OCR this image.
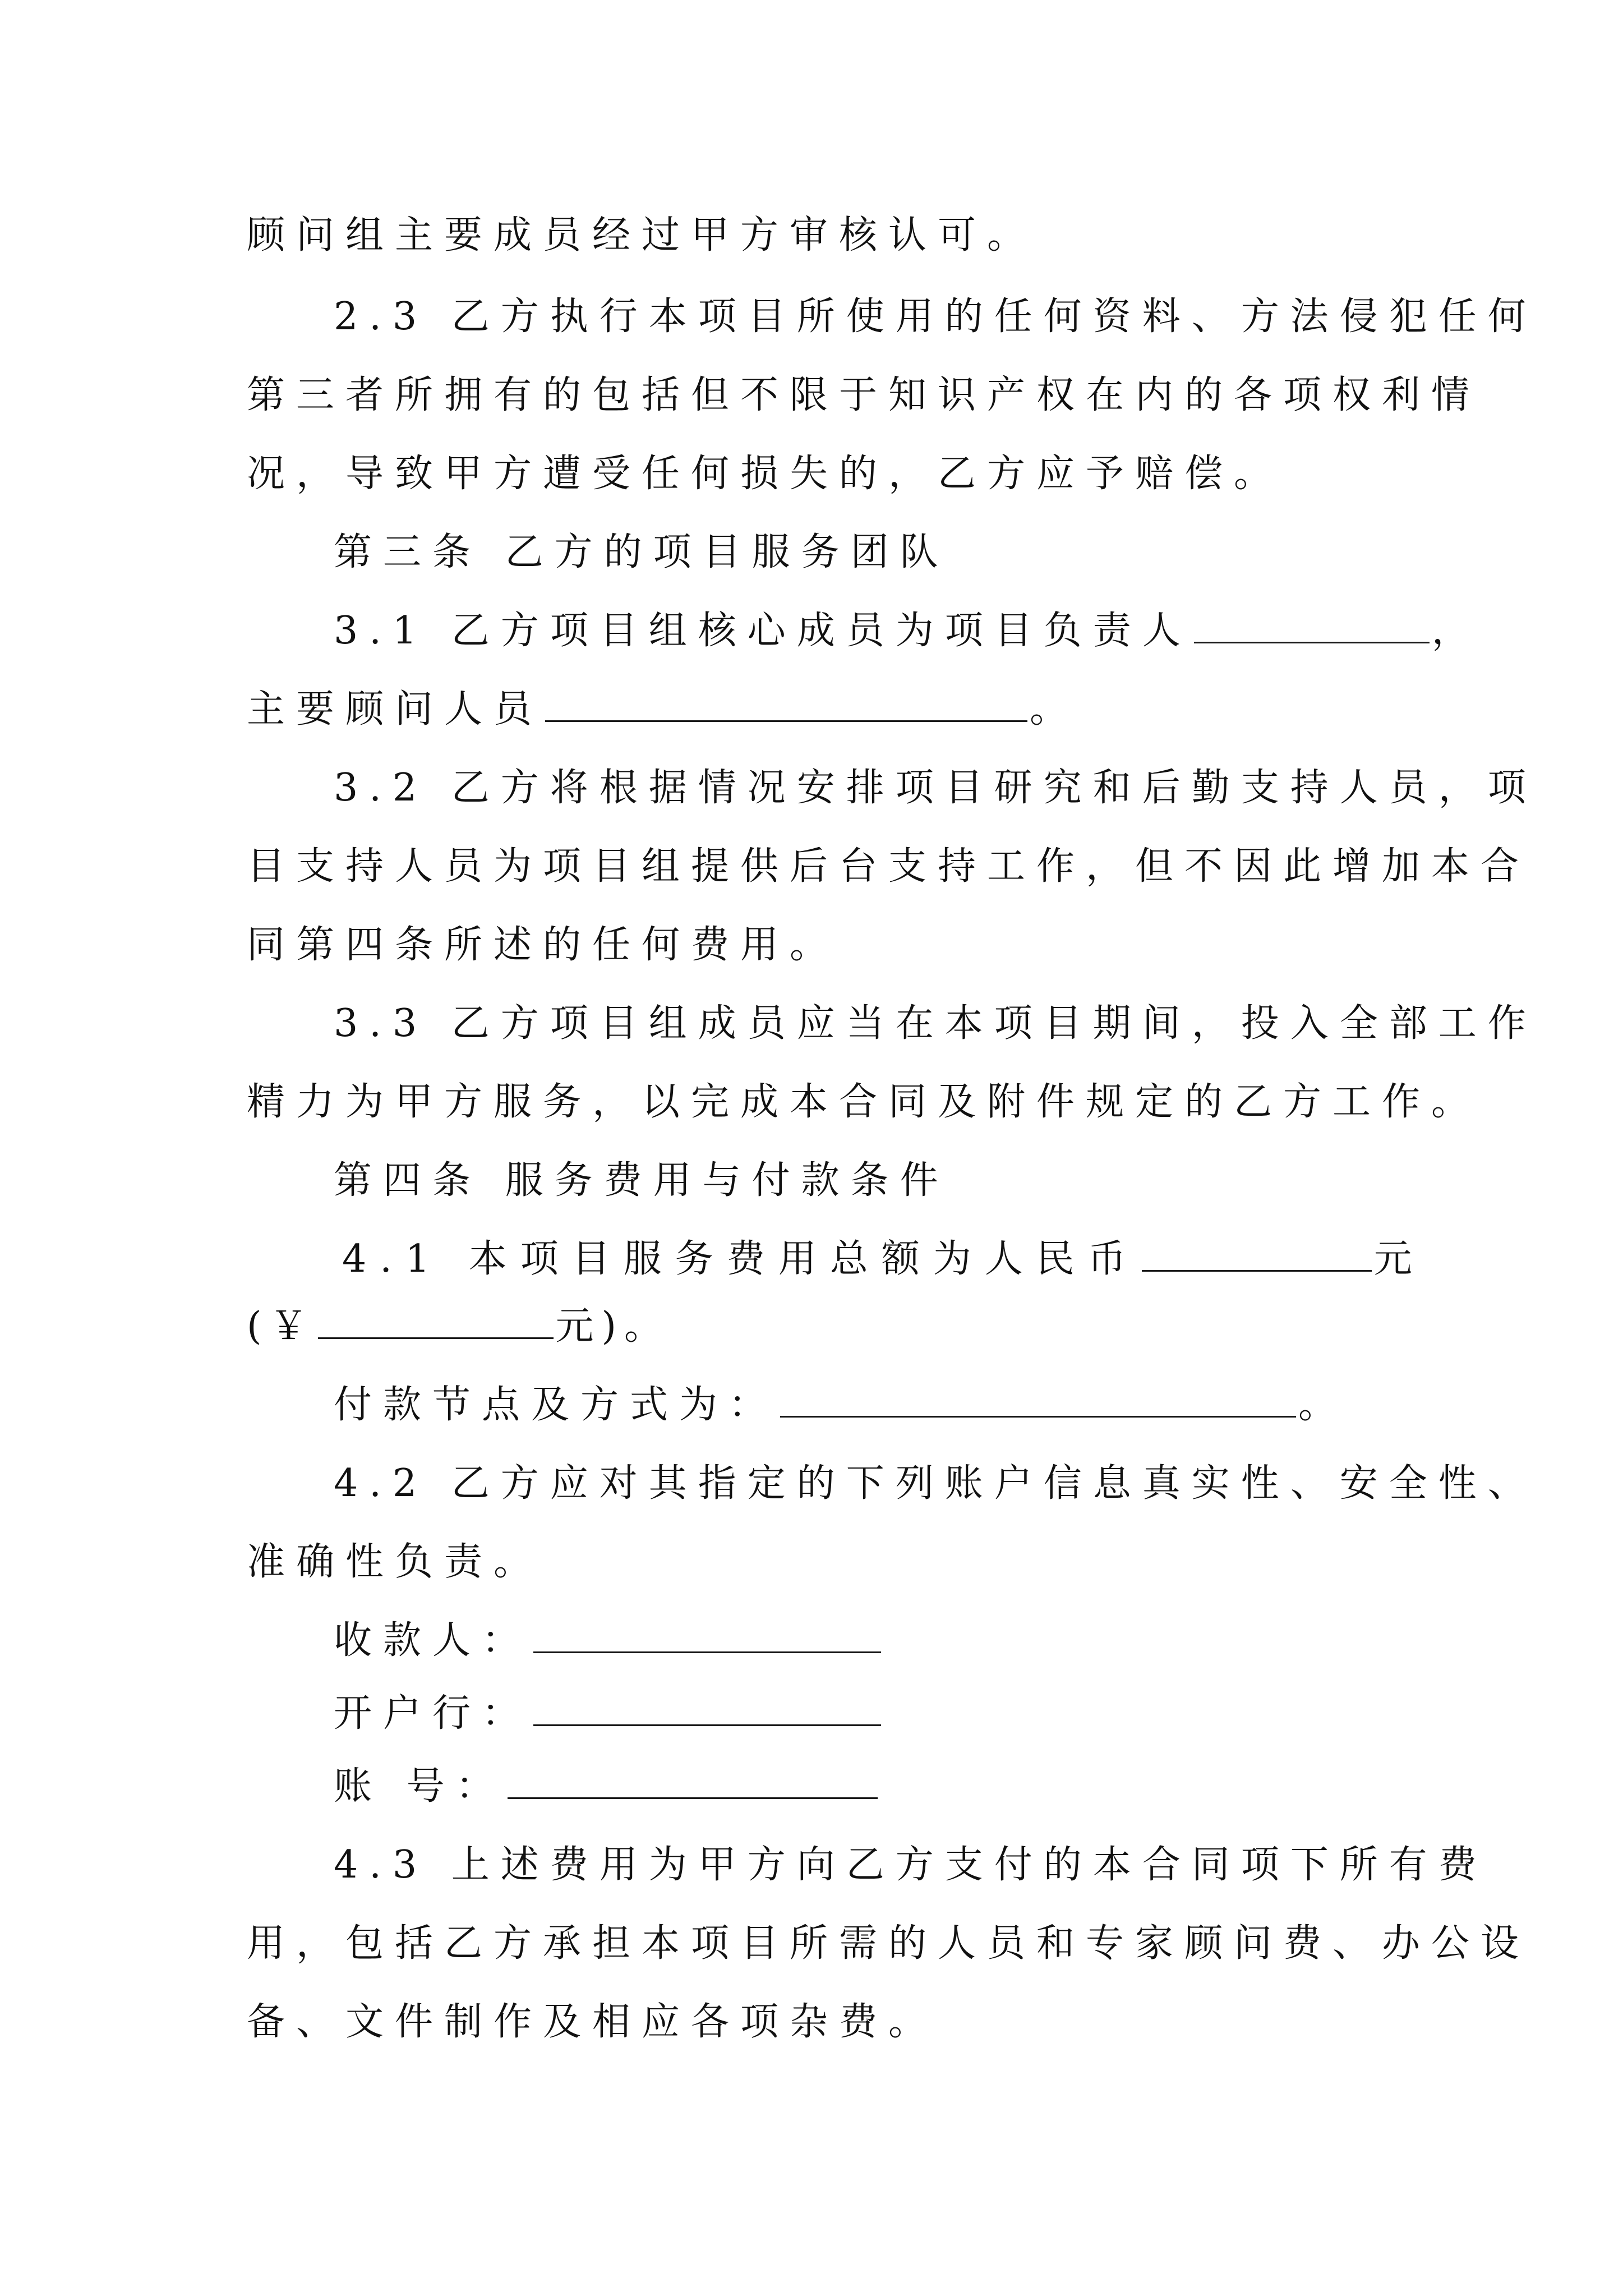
顾问组主要成员经过甲方审核认可。
2.3 乙方执行本项目所使用的任何资料、方法侵犯任何
第三者所拥有的包括但不限于知识产权在内的各项权利情
况，导致甲方遭受任何损失的，乙方应予赔偿。
第三条 乙方的项目服务团队
3.1 乙方项目组核心成员为项目负责人	，
主要顾问人员	。
3.2 乙方将根据情况安排项目研究和后勤支持人员，项
目支持人员为项目组提供后台支持工作，但不因此增加本合
同第四条所述的任何费用。
3.3 乙方项目组成员应当在本项目期间，投入全部工作
精力为甲方服务，以完成本合同及附件规定的乙方工作。
第四条 服务费用与付款条件
4.1 本项目服务费用总额为人民币	元
(￥	元)。
付款节点及方式为：	。
4.2 乙方应对其指定的下列账户信息真实性、安全性、
准确性负责。
收款人：
开户行：
账 号：
4.3 上述费用为甲方向乙方支付的本合同项下所有费
用，包括乙方承担本项目所需的人员和专家顾问费、办公设
备、文件制作及相应各项杂费。
